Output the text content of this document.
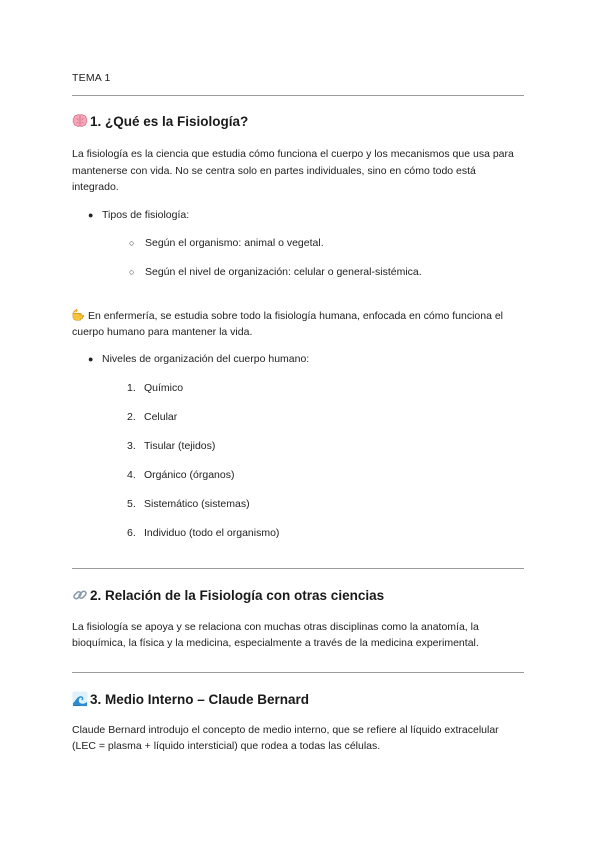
TEMA 1
1. ¿Qué es la Fisiología?

La fisiología es la ciencia que estudia cómo funciona el cuerpo y los mecanismos que usa para mantenerse con vida. No se centra solo en partes individuales, sino en cómo todo está integrado.

● Tipos de fisiología:
○ Según el organismo: animal o vegetal.
○ Según el nivel de organización: celular o general-sistémica.

En enfermería, se estudia sobre todo la fisiología humana, enfocada en cómo funciona el cuerpo humano para mantener la vida.

● Niveles de organización del cuerpo humano:
1. Químico
2. Celular
3. Tisular (tejidos)
4. Orgánico (órganos)
5. Sistemático (sistemas)
6. Individuo (todo el organismo)
2. Relación de la Fisiología con otras ciencias

La fisiología se apoya y se relaciona con muchas otras disciplinas como la anatomía, la bioquímica, la física y la medicina, especialmente a través de la medicina experimental.

3. Medio Interno – Claude Bernard

Claude Bernard introdujo el concepto de medio interno, que se refiere al líquido extracelular (LEC = plasma + líquido intersticial) que rodea a todas las células.
